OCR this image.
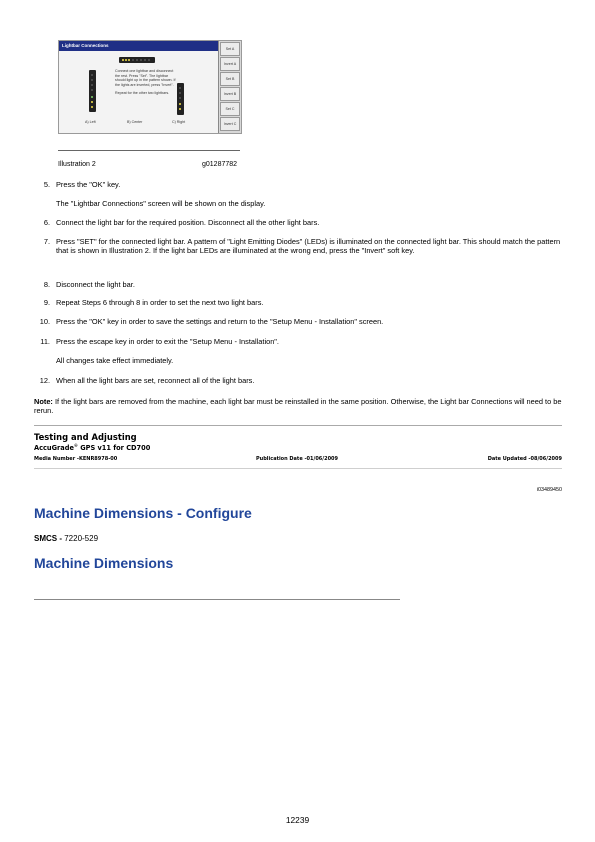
Lightbar Connections
Connect one lightbar and disconnect
the rest. Press "Set". The lightbar
should light up in the pattern shown. If
the lights are inverted, press "Invert".
Repeat for the other two lightbars.
A) Left	B) Center	C) Right
Set A
Invert A
Set B
Invert B
Set C
Invert C
Illustration 2	g01287782
5. Press the "OK" key.
The "Lightbar Connections" screen will be shown on the display.
6. Connect the light bar for the required position. Disconnect all the other light bars.
7. Press "SET" for the connected light bar. A pattern of "Light Emitting Diodes" (LEDs) is illuminated on the connected light bar. This should match the pattern that is shown in Illustration 2. If the light bar LEDs are illuminated at the wrong end, press the "Invert" soft key.
8. Disconnect the light bar.
9. Repeat Steps 6 through 8 in order to set the next two light bars.
10. Press the "OK" key in order to save the settings and return to the "Setup Menu - Installation" screen.
11. Press the escape key in order to exit the "Setup Menu - Installation".
All changes take effect immediately.
12. When all the light bars are set, reconnect all of the light bars.
Note: If the light bars are removed from the machine, each light bar must be reinstalled in the same position. Otherwise, the Light bar Connections will need to be rerun.
Testing and Adjusting
AccuGrade® GPS v11 for CD700
Media Number -KENR8978-00	Publication Date -01/06/2009	Date Updated -08/06/2009
i03489450
Machine Dimensions - Configure
SMCS - 7220-529
Machine Dimensions
12239
